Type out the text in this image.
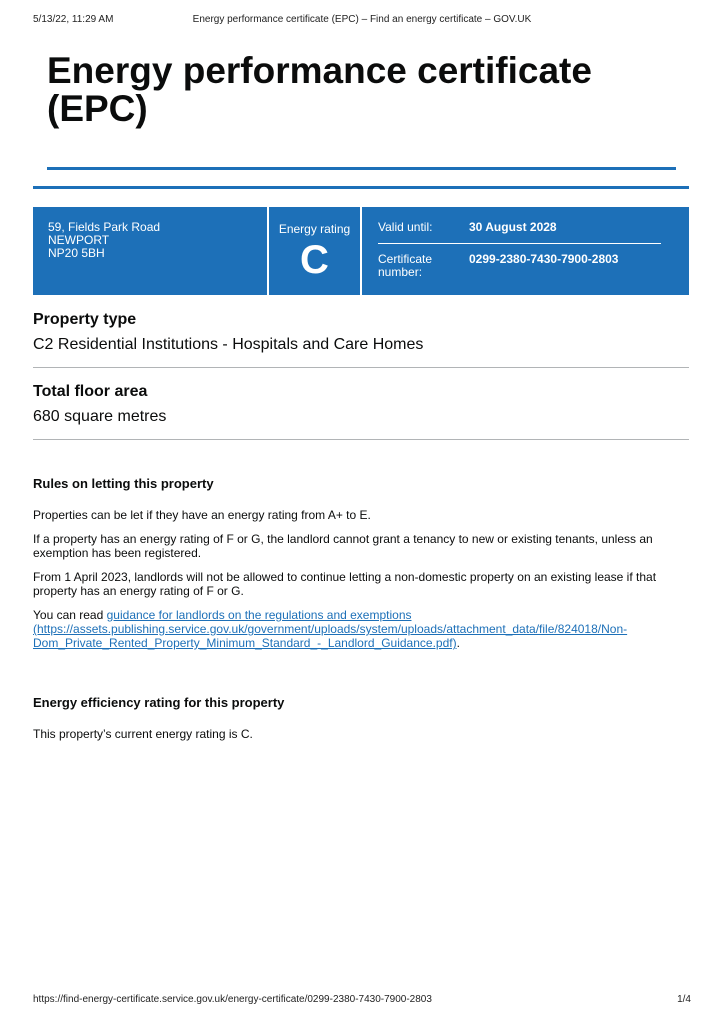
5/13/22, 11:29 AM	Energy performance certificate (EPC) – Find an energy certificate – GOV.UK
Energy performance certificate
(EPC)
59, Fields Park Road
NEWPORT
NP20 5BH
Energy rating
C
Valid until:	30 August 2028
Certificate number:
0299-2380-7430-7900-2803
Property type
C2 Residential Institutions - Hospitals and Care Homes
Total floor area
680 square metres
Rules on letting this property

Properties can be let if they have an energy rating from A+ to E.

If a property has an energy rating of F or G, the landlord cannot grant a tenancy to new or existing tenants, unless an exemption has been registered.

From 1 April 2023, landlords will not be allowed to continue letting a non-domestic property on an existing lease if that property has an energy rating of F or G.

You can read guidance for landlords on the regulations and exemptions
(https://assets.publishing.service.gov.uk/government/uploads/system/uploads/attachment_data/file/824018/Non-Dom_Private_Rented_Property_Minimum_Standard_-_Landlord_Guidance.pdf).

Energy efficiency rating for this property

This property’s current energy rating is C.

https://find-energy-certificate.service.gov.uk/energy-certificate/0299-2380-7430-7900-2803	1/4
